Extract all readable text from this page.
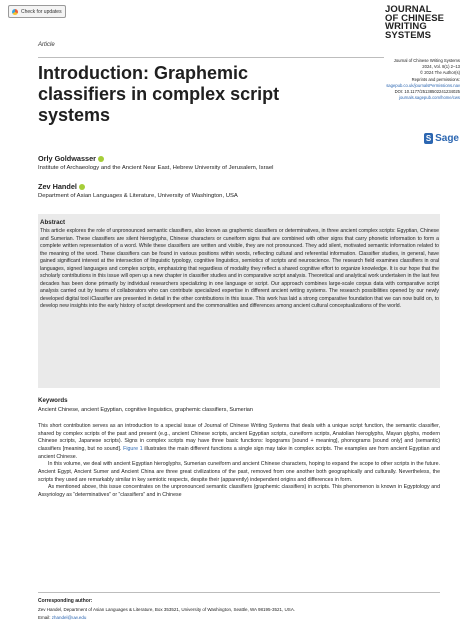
Check for updates	JOURNAL
OF CHINESE
WRITING
SYSTEMS
Article
Journal of Chinese Writing Systems
2024, Vol. 8(1) 2–13
© 2024 The Author(s)
Reprints and permissions:
sagepub.co.uk/journalsPermissions.nav
DOI: 10.1177/25138502241234025
journals.sagepub.com/home/cws
S Sage
Introduction: Graphemic classifiers in complex script systems
Orly Goldwasser
Institute of Archaeology and the Ancient Near East, Hebrew University of Jerusalem, Israel
Zev Handel
Department of Asian Languages & Literature, University of Washington, USA
Abstract
This article explores the role of unpronounced semantic classifiers, also known as graphemic classifiers or determinatives, in three ancient complex scripts: Egyptian, Chinese and Sumerian. These classifiers are silent hieroglyphs, Chinese characters or cuneiform signs that are combined with other signs that carry phonetic information to form a complete written representation of a word. While these classifiers are written and visible, they are not pronounced. They add silent, motivated semantic information related to the meaning of the word. These classifiers can be found in various positions within words, reflecting cultural and referential information. Classifier studies, in general, have gained significant interest at the intersection of linguistic typology, cognitive linguistics, semiotics of scripts and neuroscience. The research field examines classifiers in oral languages, signed languages and complex scripts, emphasizing that regardless of modality they reflect a shared cognitive effort to organize knowledge. It is our hope that the scholarly contributions in this issue will open up a new chapter in classifier studies and in comparative script analysis. Theoretical and analytical work undertaken in the last few decades has been done primarily by individual researchers specializing in one language or script. Our approach combines large-scale corpus data with comparative script analysis carried out by teams of collaborators who can contribute specialized expertise in different ancient writing systems. The research possibilities opened by our newly developed digital tool iClassifier are presented in detail in the other contributions in this issue. This work has laid a strong comparative foundation that we can now build on, to develop new insights into the early history of script development and the commonalities and differences among ancient cultural conceptualizations of the world.
Keywords
Ancient Chinese, ancient Egyptian, cognitive linguistics, graphemic classifiers, Sumerian

This short contribution serves as an introduction to a special issue of Journal of Chinese Writing Systems that deals with a unique script function, the semantic classifier, shared by complex scripts of the past and present (e.g., ancient Chinese scripts, ancient Egyptian scripts, cuneiform scripts, Anatolian hieroglyphs, Mayan glyphs, modern Chinese scripts, Japanese scripts). Signs in complex scripts may have three basic functions: logograms [sound + meaning], phonograms [sound only] and (semantic) classifiers [meaning, but no sound]. Figure 1 illustrates the main different functions a single sign may take in complex scripts. The examples are from ancient Egyptian and ancient Chinese.

In this volume, we deal with ancient Egyptian hieroglyphs, Sumerian cuneiform and ancient Chinese characters, hoping to expand the scope to other scripts in the future. Ancient Egypt, Ancient Sumer and Ancient China are three great civilizations of the past, removed from one another both geographically and culturally. Nevertheless, the scripts they used are remarkably similar in key semiotic respects, despite their (apparently) independent origins and differences in form.

As mentioned above, this issue concentrates on the unpronounced semantic classifiers (graphemic classifiers) in scripts. This phenomenon is known in Egyptology and Assyriology as “determinatives” or “classifiers” and in Chinese

Corresponding author:
Zev Handel, Department of Asian Languages & Literature, Box 353521, University of Washington, Seattle, WA 98195-3521, USA.
Email: zhandel@uw.edu
